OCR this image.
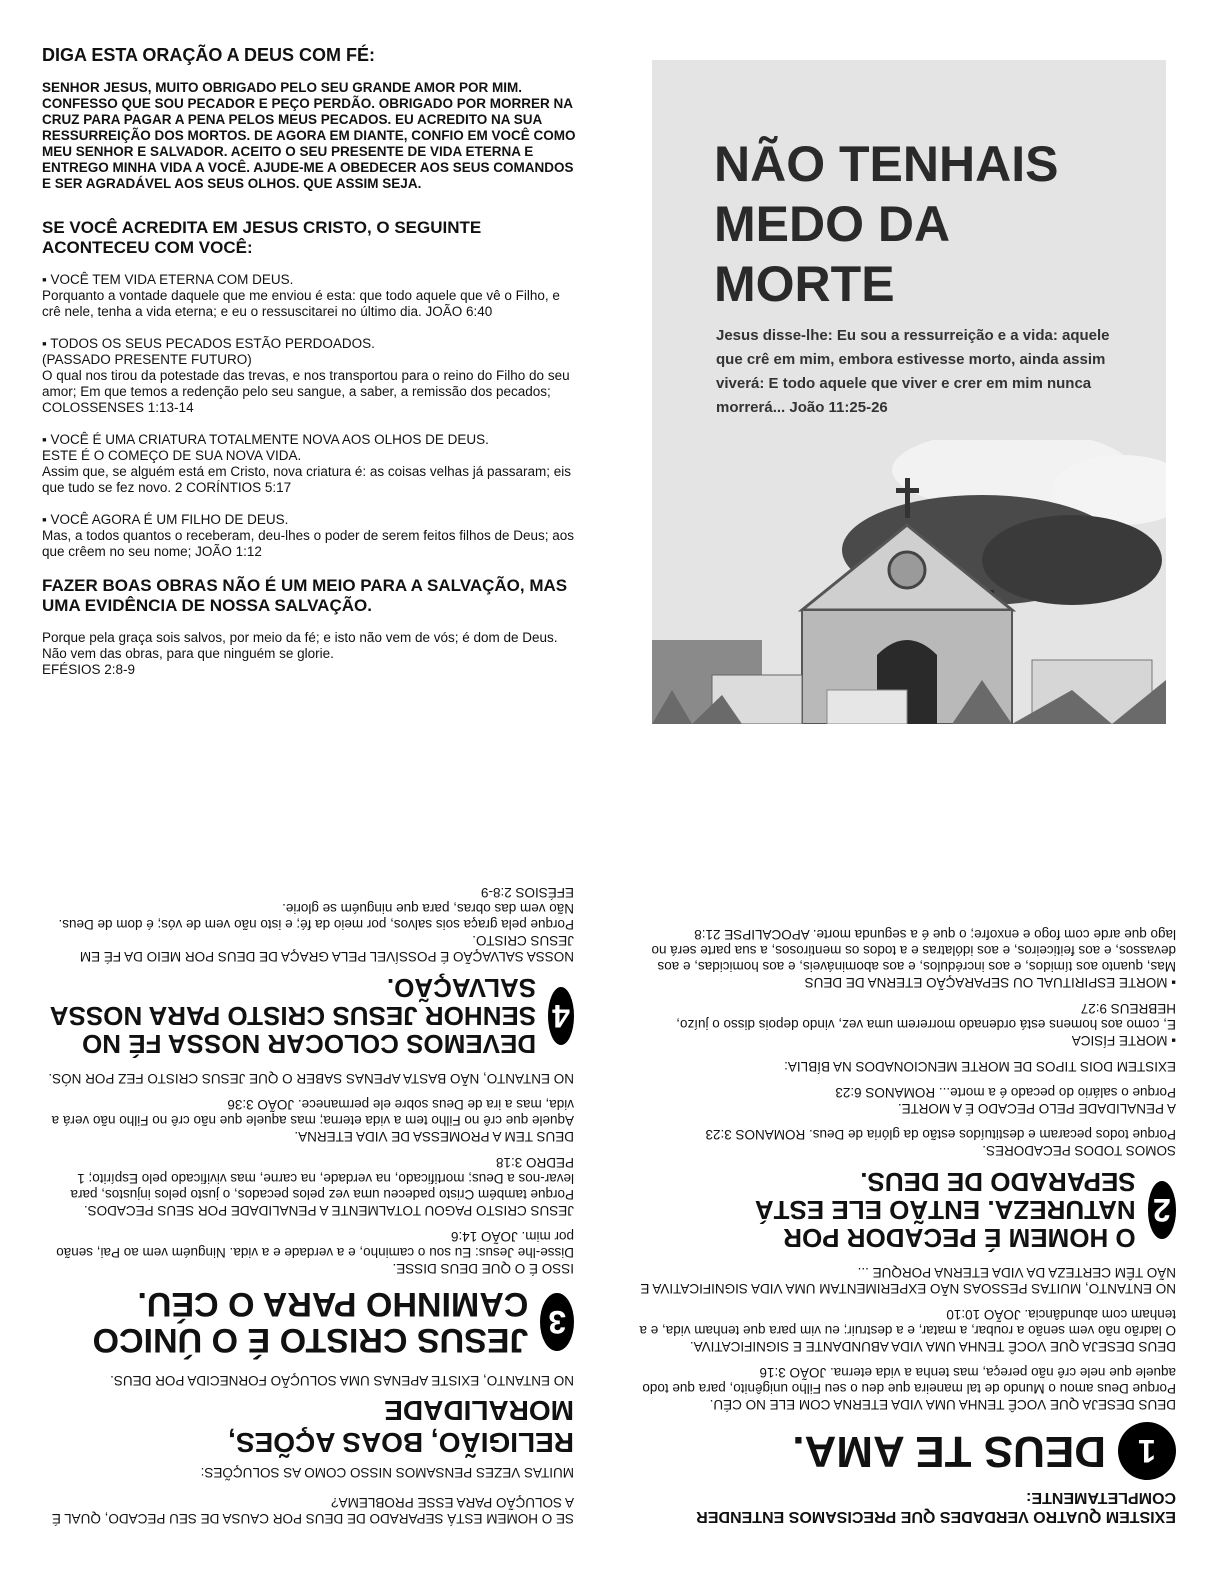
DIGA ESTA ORAÇÃO A DEUS COM FÉ:

SENHOR JESUS, MUITO OBRIGADO PELO SEU GRANDE AMOR POR MIM. CONFESSO QUE SOU PECADOR E PEÇO PERDÃO. OBRIGADO POR MORRER NA CRUZ PARA PAGAR A PENA PELOS MEUS PECADOS. EU ACREDITO NA SUA RESSURREIÇÃO DOS MORTOS. DE AGORA EM DIANTE, CONFIO EM VOCÊ COMO MEU SENHOR E SALVADOR. ACEITO O SEU PRESENTE DE VIDA ETERNA E ENTREGO MINHA VIDA A VOCÊ. AJUDE-ME A OBEDECER AOS SEUS COMANDOS E SER AGRADÁVEL AOS SEUS OLHOS. QUE ASSIM SEJA.

SE VOCÊ ACREDITA EM JESUS CRISTO, O SEGUINTE ACONTECEU COM VOCÊ:

▪ VOCÊ TEM VIDA ETERNA COM DEUS.

Porquanto a vontade daquele que me enviou é esta: que todo aquele que vê o Filho, e crê nele, tenha a vida eterna; e eu o ressuscitarei no último dia. JOÃO 6:40

▪ TODOS OS SEUS PECADOS ESTÃO PERDOADOS.

(PASSADO PRESENTE FUTURO)

O qual nos tirou da potestade das trevas, e nos transportou para o reino do Filho do seu amor; Em que temos a redenção pelo seu sangue, a saber, a remissão dos pecados; COLOSSENSES 1:13-14

▪ VOCÊ É UMA CRIATURA TOTALMENTE NOVA AOS OLHOS DE DEUS.

ESTE É O COMEÇO DE SUA NOVA VIDA.

Assim que, se alguém está em Cristo, nova criatura é: as coisas velhas já passaram; eis que tudo se fez novo. 2 CORÍNTIOS 5:17

▪ VOCÊ AGORA É UM FILHO DE DEUS.

Mas, a todos quantos o receberam, deu-lhes o poder de serem feitos filhos de Deus; aos que crêem no seu nome; JOÃO 1:12

FAZER BOAS OBRAS NÃO É UM MEIO PARA A SALVAÇÃO, MAS UMA EVIDÊNCIA DE NOSSA SALVAÇÃO.

Porque pela graça sois salvos, por meio da fé; e isto não vem de vós; é dom de Deus. Não vem das obras, para que ninguém se glorie.

EFÉSIOS 2:8-9

NÃO TENHAIS
MEDO DA
MORTE

Jesus disse-lhe: Eu sou a ressurreição e a vida: aquele que crê em mim, embora estivesse morto, ainda assim viverá: E todo aquele que viver e crer em mim nunca morrerá... João 11:25-26

SE O HOMEM ESTÁ SEPARADO DE DEUS POR CAUSA DE SEU PECADO, QUAL É A SOLUÇÃO PARA ESSE PROBLEMA?

MUITAS VEZES PENSAMOS NISSO COMO AS SOLUÇÕES:

RELIGIÃO, BOAS AÇÕES, MORALIDADE

NO ENTANTO, EXISTE APENAS UMA SOLUÇÃO FORNECIDA POR DEUS.

3
JESUS CRISTO É O ÚNICO CAMINHO PARA O CÉU.

ISSO É O QUE DEUS DISSE.

Disse-lhe Jesus: Eu sou o caminho, e a verdade e a vida. Ninguém vem ao Pai, senão por mim. JOÃO 14:6

JESUS CRISTO PAGOU TOTALMENTE A PENALIDADE POR SEUS PECADOS.

Porque também Cristo padeceu uma vez pelos pecados, o justo pelos injustos, para levar-nos a Deus; mortificado, na verdade, na carne, mas vivificado pelo Espírito; 1 PEDRO 3:18

DEUS TEM A PROMESSA DE VIDA ETERNA.

Aquele que crê no Filho tem a vida eterna; mas aquele que não crê no Filho não verá a vida, mas a ira de Deus sobre ele permanece. JOÃO 3:36

NO ENTANTO, NÃO BASTA APENAS SABER O QUE JESUS CRISTO FEZ POR NÓS.

4
DEVEMOS COLOCAR NOSSA FÉ NO SENHOR JESUS CRISTO PARA NOSSA SALVAÇÃO.

NOSSA SALVAÇÃO É POSSÍVEL PELA GRAÇA DE DEUS POR MEIO DA FÉ EM JESUS CRISTO.

Porque pela graça sois salvos, por meio da fé; e isto não vem de vós; é dom de Deus. Não vem das obras, para que ninguém se glorie.

EFÉSIOS 2:8-9

EXISTEM QUATRO VERDADES QUE PRECISAMOS ENTENDER COMPLETAMENTE:

1
DEUS TE AMA.

DEUS DESEJA QUE VOCÊ TENHA UMA VIDA ETERNA COM ELE NO CÉU.

Porque Deus amou o Mundo de tal maneira que deu o seu Filho unigênito, para que todo aquele que nele crê não pereça, mas tenha a vida eterna. JOÃO 3:16

DEUS DESEJA QUE VOCÊ TENHA UMA VIDA ABUNDANTE E SIGNIFICATIVA.

O ladrão não vem senão a roubar, a matar, e a destruir; eu vim para que tenham vida, e a tenham com abundância. JOÃO 10:10

NO ENTANTO, MUITAS PESSOAS NÃO EXPERIMENTAM UMA VIDA SIGNIFICATIVA E NÃO TÊM CERTEZA DA VIDA ETERNA PORQUE ...

2
O HOMEM É PECADOR POR NATUREZA. ENTÃO ELE ESTÁ SEPARADO DE DEUS.

SOMOS TODOS PECADORES.

Porque todos pecaram e destituídos estão da glória de Deus. ROMANOS 3:23

A PENALIDADE PELO PECADO É A MORTE.

Porque o salário do pecado é a morte... ROMANOS 6:23

EXISTEM DOIS TIPOS DE MORTE MENCIONADOS NA BÍBLIA:

▪ MORTE FÍSICA

E, como aos homens está ordenado morrerem uma vez, vindo depois disso o juízo, HEBREUS 9:27

▪ MORTE ESPIRITUAL OU SEPARAÇÃO ETERNA DE DEUS

Mas, quanto aos tímidos, e aos incrédulos, e aos abomináveis, e aos homicidas, e aos devassos, e aos feiticeiros, e aos idólatras e a todos os mentirosos, a sua parte será no lago que arde com fogo e enxofre; o que é a segunda morte. APOCALIPSE 21:8
